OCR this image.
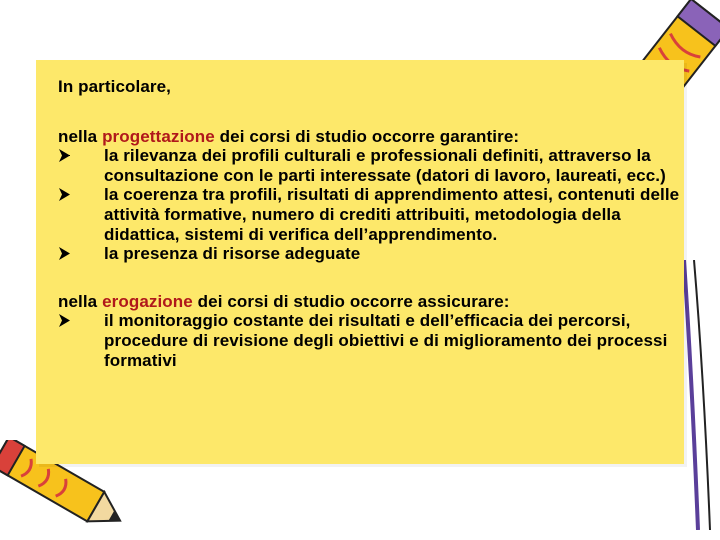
In particolare,

nella progettazione dei corsi di studio occorre garantire:

la rilevanza dei profili culturali e professionali definiti, attraverso la consultazione con le parti interessate (datori di lavoro, laureati, ecc.)
la coerenza tra profili, risultati di apprendimento attesi, contenuti delle attività formative, numero di crediti attribuiti, metodologia della didattica, sistemi di verifica dell’apprendimento.
la presenza di risorse adeguate

nella erogazione dei corsi di studio occorre assicurare:

il monitoraggio costante dei risultati e dell’efficacia dei percorsi, procedure di revisione degli obiettivi e di miglioramento dei processi formativi
